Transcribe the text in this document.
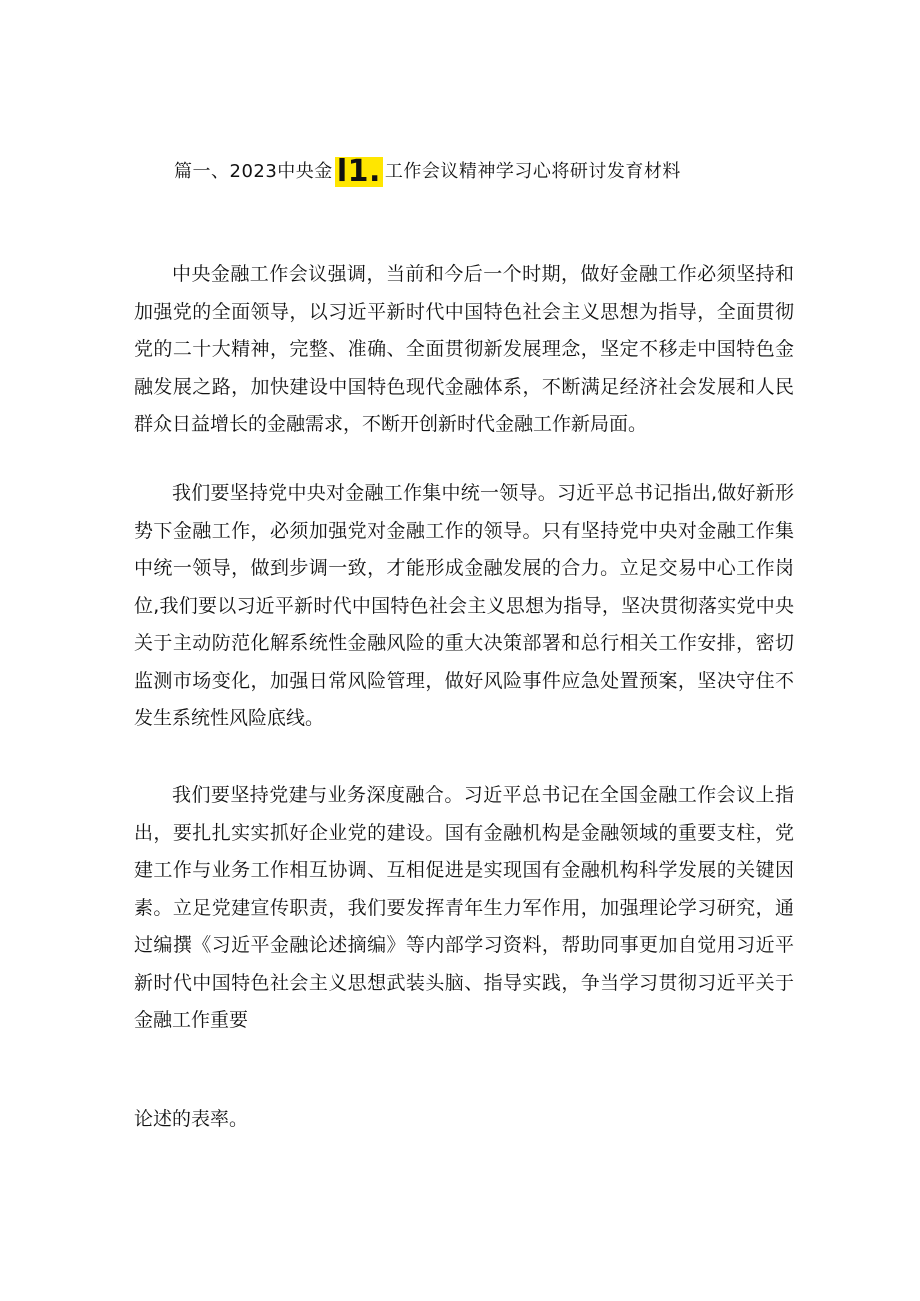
篇一、2023中央金 l1. 工作会议精神学习心将研讨发育材料

中央金融工作会议强调，当前和今后一个时期，做好金融工作必须坚持和加强党的全面领导，以习近平新时代中国特色社会主义思想为指导，全面贯彻党的二十大精神，完整、准确、全面贯彻新发展理念，坚定不移走中国特色金融发展之路，加快建设中国特色现代金融体系，不断满足经济社会发展和人民群众日益增长的金融需求，不断开创新时代金融工作新局面。

我们要坚持党中央对金融工作集中统一领导。习近平总书记指出,做好新形势下金融工作，必须加强党对金融工作的领导。只有坚持党中央对金融工作集中统一领导，做到步调一致，才能形成金融发展的合力。立足交易中心工作岗位,我们要以习近平新时代中国特色社会主义思想为指导，坚决贯彻落实党中央关于主动防范化解系统性金融风险的重大决策部署和总行相关工作安排，密切监测市场变化，加强日常风险管理，做好风险事件应急处置预案，坚决守住不发生系统性风险底线。

我们要坚持党建与业务深度融合。习近平总书记在全国金融工作会议上指出，要扎扎实实抓好企业党的建设。国有金融机构是金融领域的重要支柱，党建工作与业务工作相互协调、互相促进是实现国有金融机构科学发展的关键因素。立足党建宣传职责，我们要发挥青年生力军作用，加强理论学习研究，通过编撰《习近平金融论述摘编》等内部学习资料，帮助同事更加自觉用习近平新时代中国特色社会主义思想武装头脑、指导实践，争当学习贯彻习近平关于金融工作重要

论述的表率。
